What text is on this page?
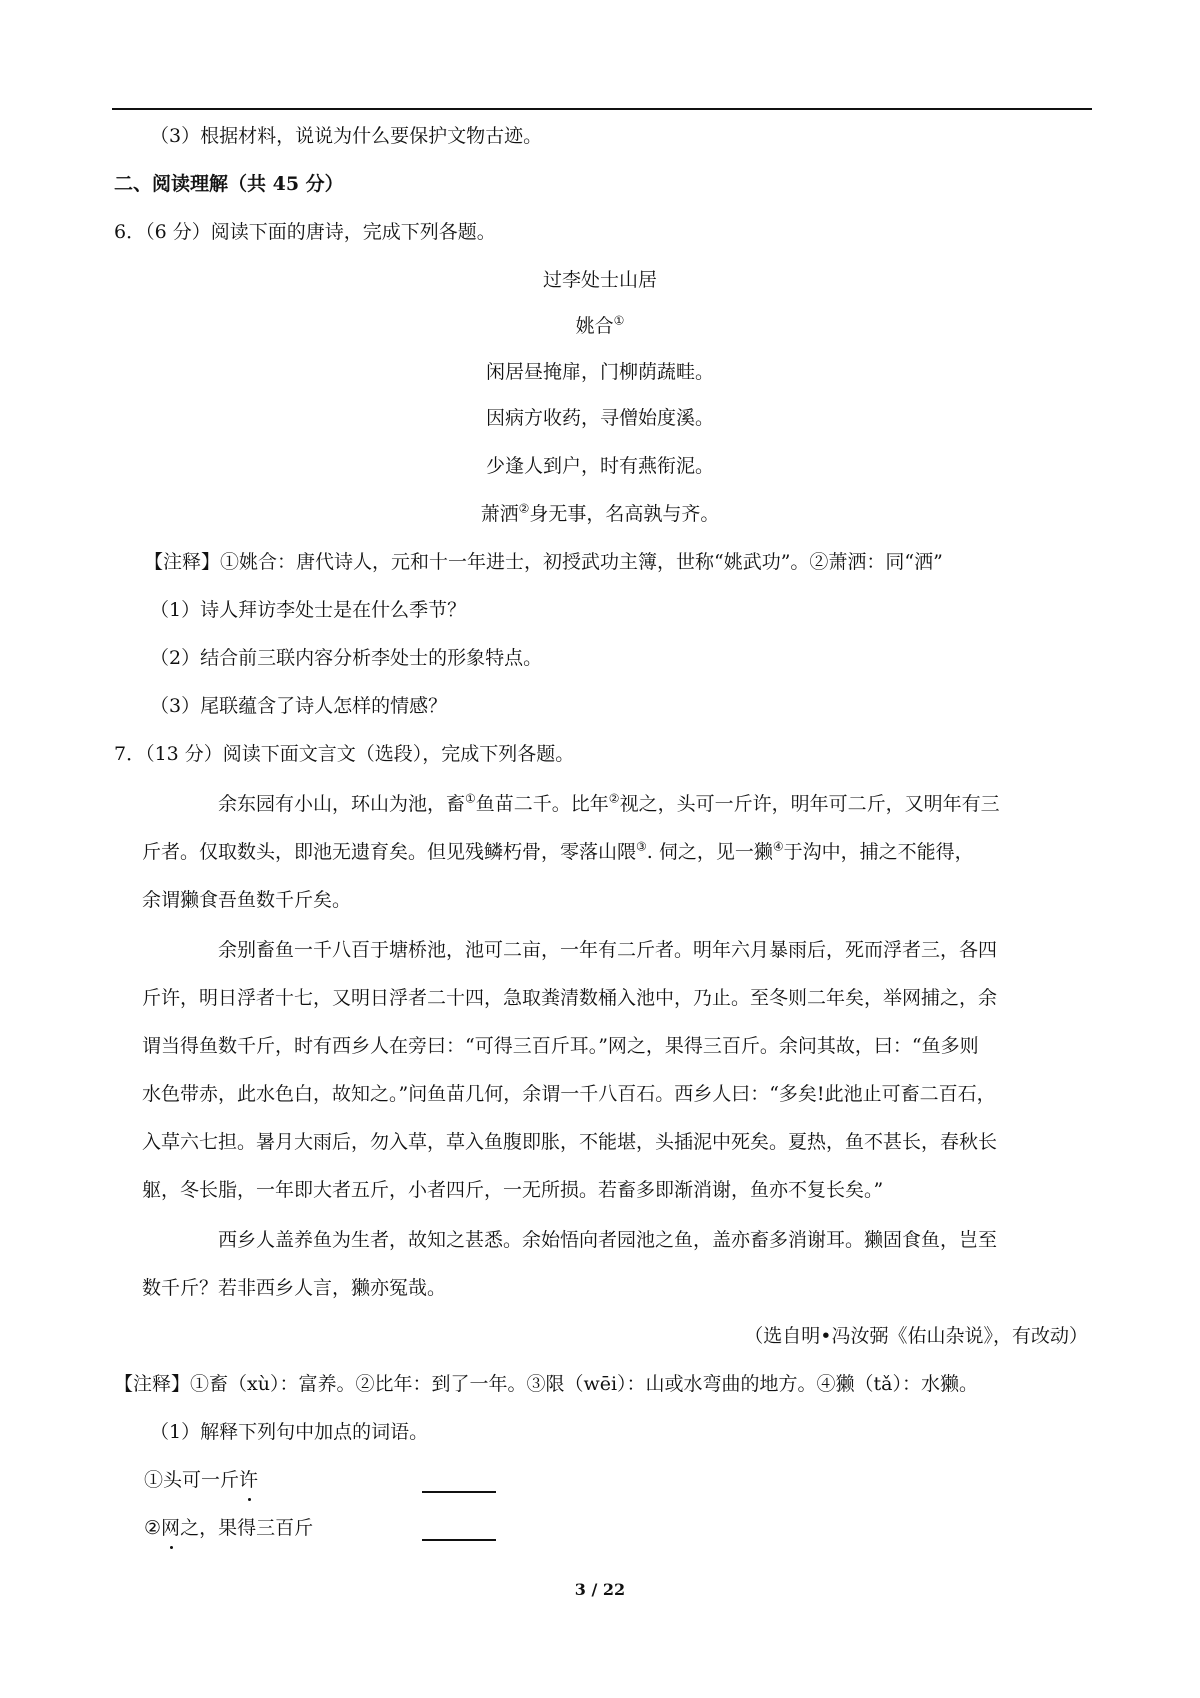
（3）根据材料，说说为什么要保护文物古迹。
二、阅读理解（共 45 分）
6．（6 分）阅读下面的唐诗，完成下列各题。
过李处士山居
姚合①
闲居昼掩扉，门柳荫蔬畦。
因病方收药，寻僧始度溪。
少逢人到户，时有燕衔泥。
萧洒②身无事，名高孰与齐。
【注释】①姚合：唐代诗人，元和十一年进士，初授武功主簿，世称“姚武功”。②萧洒：同“洒”
（1）诗人拜访李处士是在什么季节？
（2）结合前三联内容分析李处士的形象特点。
（3）尾联蕴含了诗人怎样的情感？
7．（13 分）阅读下面文言文（选段），完成下列各题。
余东园有小山，环山为池，畜①鱼苗二千。比年②视之，头可一斤许，明年可二斤，又明年有三
斤者。仅取数头，即池无遗育矣。但见残鳞朽骨，零落山隈③. 伺之，见一獭④于沟中，捕之不能得，
余谓獭食吾鱼数千斤矣。
余别畜鱼一千八百于塘桥池，池可二亩，一年有二斤者。明年六月暴雨后，死而浮者三，各四
斤许，明日浮者十七，又明日浮者二十四，急取粪清数桶入池中，乃止。至冬则二年矣，举网捕之，余
谓当得鱼数千斤，时有西乡人在旁曰：“可得三百斤耳。”网之，果得三百斤。余问其故，曰：“鱼多则
水色带赤，此水色白，故知之。”问鱼苗几何，余谓一千八百石。西乡人曰：“多矣!此池止可畜二百石，
入草六七担。暑月大雨后，勿入草，草入鱼腹即胀，不能堪，头插泥中死矣。夏热，鱼不甚长，春秋长
躯，冬长脂，一年即大者五斤，小者四斤，一无所损。若畜多即渐消谢，鱼亦不复长矣。”
西乡人盖养鱼为生者，故知之甚悉。余始悟向者园池之鱼，盖亦畜多消谢耳。獭固食鱼，岂至
数千斤？若非西乡人言，獭亦冤哉。
（选自明•冯汝弼《佑山杂说》，有改动）
【注释】①畜（xù）：富养。②比年：到了一年。③限（wēi）：山或水弯曲的地方。④獭（tǎ）：水獭。
（1）解释下列句中加点的词语。
①头可一斤许
②网之，果得三百斤
3 / 22
